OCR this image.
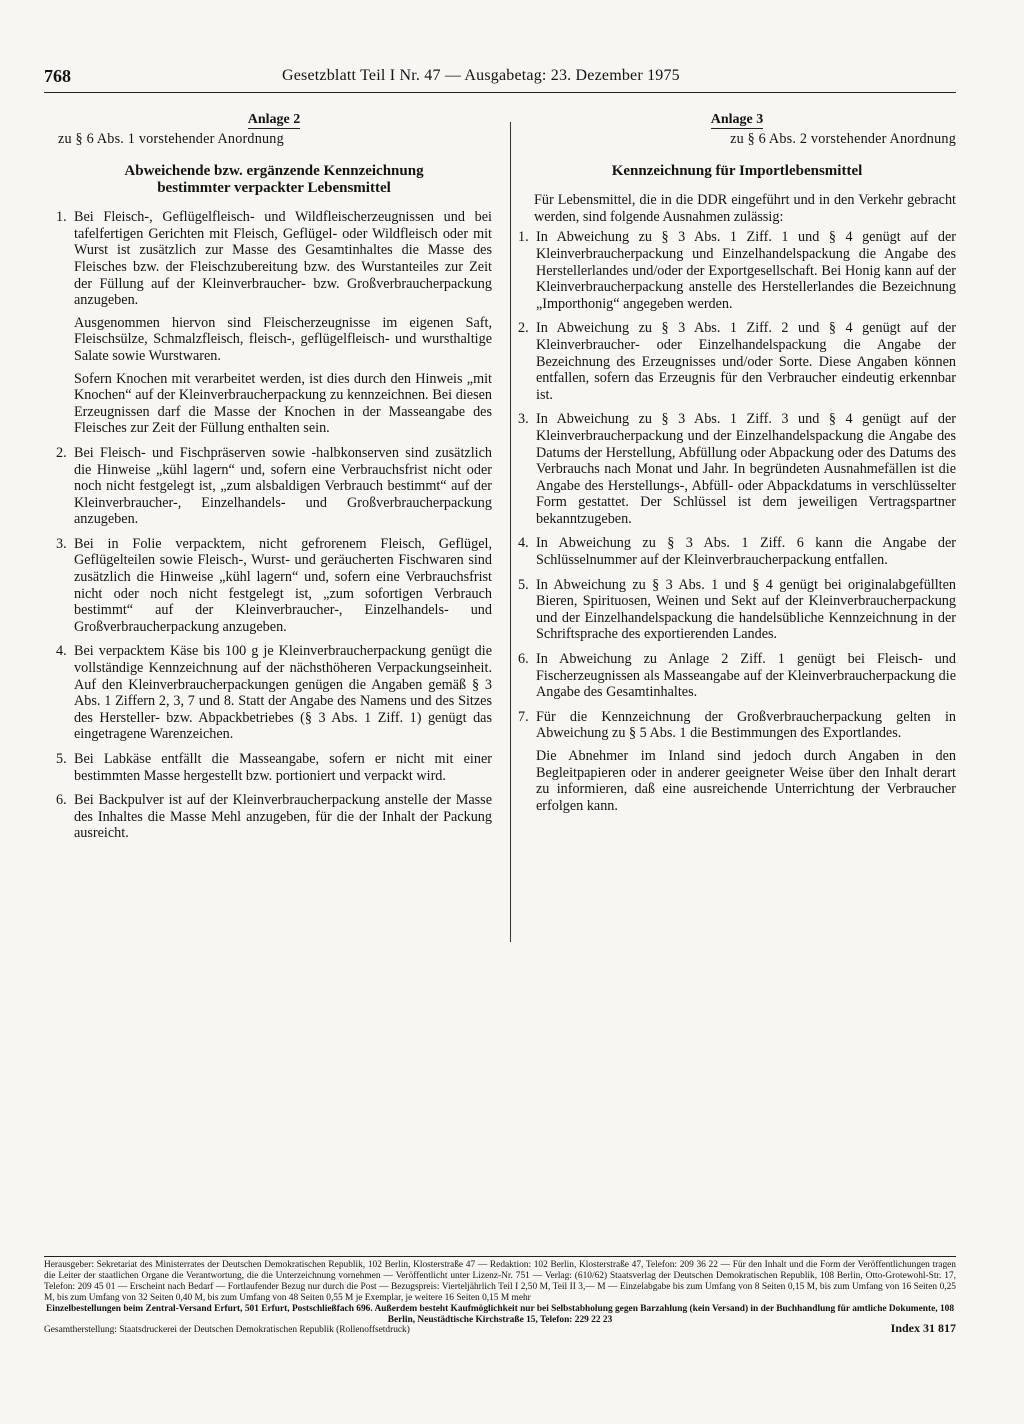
768	Gesetzblatt Teil I Nr. 47 — Ausgabetag: 23. Dezember 1975
Anlage 2
zu § 6 Abs. 1 vorstehender Anordnung
Abweichende bzw. ergänzende Kennzeichnung
bestimmter verpackter Lebensmittel
1. Bei Fleisch-, Geflügelfleisch- und Wildfleischerzeugnissen und bei tafelfertigen Gerichten mit Fleisch, Geflügel- oder Wildfleisch oder mit Wurst ist zusätzlich zur Masse des Gesamtinhaltes die Masse des Fleisches bzw. der Fleischzubereitung bzw. des Wurstanteiles zur Zeit der Füllung auf der Kleinverbraucher- bzw. Großverbraucherpackung anzugeben.

Ausgenommen hiervon sind Fleischerzeugnisse im eigenen Saft, Fleischsülze, Schmalzfleisch, fleisch-, geflügelfleisch- und wursthaltige Salate sowie Wurstwaren.

Sofern Knochen mit verarbeitet werden, ist dies durch den Hinweis „mit Knochen“ auf der Kleinverbraucherpackung zu kennzeichnen. Bei diesen Erzeugnissen darf die Masse der Knochen in der Masseangabe des Fleisches zur Zeit der Füllung enthalten sein.

2. Bei Fleisch- und Fischpräserven sowie -halbkonserven sind zusätzlich die Hinweise „kühl lagern“ und, sofern eine Verbrauchsfrist nicht oder noch nicht festgelegt ist, „zum alsbaldigen Verbrauch bestimmt“ auf der Kleinverbraucher-, Einzelhandels- und Großverbraucherpackung anzugeben.

3. Bei in Folie verpacktem, nicht gefrorenem Fleisch, Geflügel, Geflügelteilen sowie Fleisch-, Wurst- und geräucherten Fischwaren sind zusätzlich die Hinweise „kühl lagern“ und, sofern eine Verbrauchsfrist nicht oder noch nicht festgelegt ist, „zum sofortigen Verbrauch bestimmt“ auf der Kleinverbraucher-, Einzelhandels- und Großverbraucherpackung anzugeben.

4. Bei verpacktem Käse bis 100 g je Kleinverbraucherpackung genügt die vollständige Kennzeichnung auf der nächsthöheren Verpackungseinheit. Auf den Kleinverbraucherpackungen genügen die Angaben gemäß § 3 Abs. 1 Ziffern 2, 3, 7 und 8. Statt der Angabe des Namens und des Sitzes des Hersteller- bzw. Abpackbetriebes (§ 3 Abs. 1 Ziff. 1) genügt das eingetragene Warenzeichen.

5. Bei Labkäse entfällt die Masseangabe, sofern er nicht mit einer bestimmten Masse hergestellt bzw. portioniert und verpackt wird.

6. Bei Backpulver ist auf der Kleinverbraucherpackung anstelle der Masse des Inhaltes die Masse Mehl anzugeben, für die der Inhalt der Packung ausreicht.

Anlage 3
zu § 6 Abs. 2 vorstehender Anordnung
Kennzeichnung für Importlebensmittel

Für Lebensmittel, die in die DDR eingeführt und in den Verkehr gebracht werden, sind folgende Ausnahmen zulässig:

1. In Abweichung zu § 3 Abs. 1 Ziff. 1 und § 4 genügt auf der Kleinverbraucherpackung und Einzelhandelspackung die Angabe des Herstellerlandes und/oder der Exportgesellschaft. Bei Honig kann auf der Kleinverbraucherpackung anstelle des Herstellerlandes die Bezeichnung „Importhonig“ angegeben werden.

2. In Abweichung zu § 3 Abs. 1 Ziff. 2 und § 4 genügt auf der Kleinverbraucher- oder Einzelhandelspackung die Angabe der Bezeichnung des Erzeugnisses und/oder Sorte. Diese Angaben können entfallen, sofern das Erzeugnis für den Verbraucher eindeutig erkennbar ist.

3. In Abweichung zu § 3 Abs. 1 Ziff. 3 und § 4 genügt auf der Kleinverbraucherpackung und der Einzelhandelspackung die Angabe des Datums der Herstellung, Abfüllung oder Abpackung oder des Datums des Verbrauchs nach Monat und Jahr. In begründeten Ausnahmefällen ist die Angabe des Herstellungs-, Abfüll- oder Abpackdatums in verschlüsselter Form gestattet. Der Schlüssel ist dem jeweiligen Vertragspartner bekanntzugeben.

4. In Abweichung zu § 3 Abs. 1 Ziff. 6 kann die Angabe der Schlüsselnummer auf der Kleinverbraucherpackung entfallen.

5. In Abweichung zu § 3 Abs. 1 und § 4 genügt bei originalabgefüllten Bieren, Spirituosen, Weinen und Sekt auf der Kleinverbraucherpackung und der Einzelhandelspackung die handelsübliche Kennzeichnung in der Schriftsprache des exportierenden Landes.

6. In Abweichung zu Anlage 2 Ziff. 1 genügt bei Fleisch- und Fischerzeugnissen als Masseangabe auf der Kleinverbraucherpackung die Angabe des Gesamtinhaltes.

7. Für die Kennzeichnung der Großverbraucherpackung gelten in Abweichung zu § 5 Abs. 1 die Bestimmungen des Exportlandes.

Die Abnehmer im Inland sind jedoch durch Angaben in den Begleitpapieren oder in anderer geeigneter Weise über den Inhalt derart zu informieren, daß eine ausreichende Unterrichtung der Verbraucher erfolgen kann.

Herausgeber: Sekretariat des Ministerrates der Deutschen Demokratischen Republik, 102 Berlin, Klosterstraße 47 — Redaktion: 102 Berlin, Klosterstraße 47, Telefon: 209 36 22 — Für den Inhalt und die Form der Veröffentlichungen tragen die Leiter der staatlichen Organe die Verantwortung, die die Unterzeichnung vornehmen — Veröffentlicht unter Lizenz-Nr. 751 — Verlag: (610/62) Staatsverlag der Deutschen Demokratischen Republik, 108 Berlin, Otto-Grotewohl-Str. 17, Telefon: 209 45 01 — Erscheint nach Bedarf — Fortlaufender Bezug nur durch die Post — Bezugspreis: Vierteljährlich Teil I 2,50 M, Teil II 3,— M — Einzelabgabe bis zum Umfang von 8 Seiten 0,15 M, bis zum Umfang von 16 Seiten 0,25 M, bis zum Umfang von 32 Seiten 0,40 M, bis zum Umfang von 48 Seiten 0,55 M je Exemplar, je weitere 16 Seiten 0,15 M mehr

Einzelbestellungen beim Zentral-Versand Erfurt, 501 Erfurt, Postschließfach 696. Außerdem besteht Kaufmöglichkeit nur bei Selbstabholung gegen Barzahlung (kein Versand) in der Buchhandlung für amtliche Dokumente, 108 Berlin, Neustädtische Kirchstraße 15, Telefon: 229 22 23

Gesamtherstellung: Staatsdruckerei der Deutschen Demokratischen Republik (Rollenoffsetdruck)	Index 31 817
